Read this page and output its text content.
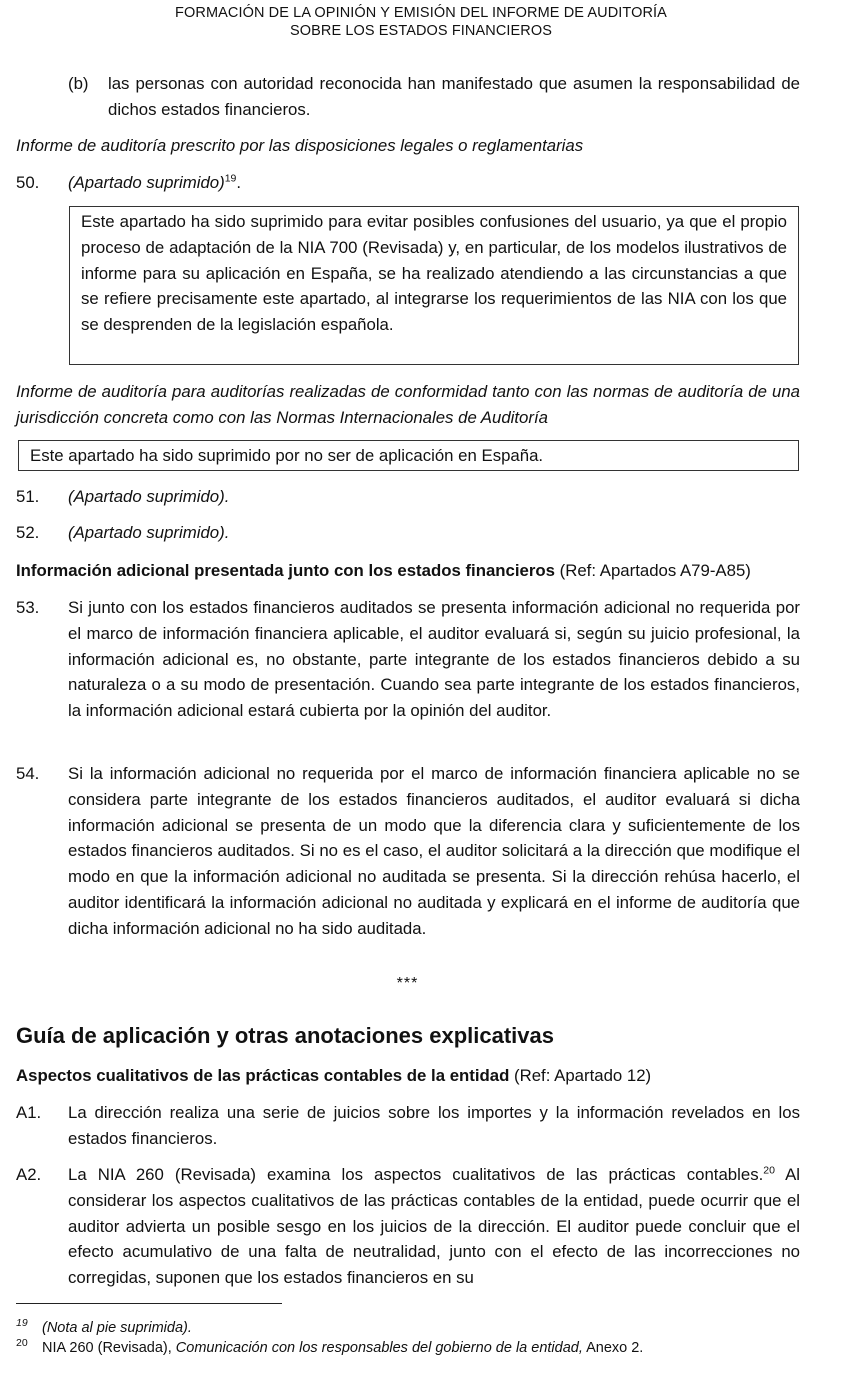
FORMACIÓN DE LA OPINIÓN Y EMISIÓN DEL INFORME DE AUDITORÍA
SOBRE LOS ESTADOS FINANCIEROS
(b) las personas con autoridad reconocida han manifestado que asumen la responsabilidad de dichos estados financieros.
Informe de auditoría prescrito por las disposiciones legales o reglamentarias
50. (Apartado suprimido)$^{19}$.
Este apartado ha sido suprimido para evitar posibles confusiones del usuario, ya que el propio proceso de adaptación de la NIA 700 (Revisada) y, en particular, de los modelos ilustrativos de informe para su aplicación en España, se ha realizado atendiendo a las circunstancias a que se refiere precisamente este apartado, al integrarse los requerimientos de las NIA con los que se desprenden de la legislación española.
Informe de auditoría para auditorías realizadas de conformidad tanto con las normas de auditoría de una jurisdicción concreta como con las Normas Internacionales de Auditoría
Este apartado ha sido suprimido por no ser de aplicación en España.
51. (Apartado suprimido).
52. (Apartado suprimido).
Información adicional presentada junto con los estados financieros (Ref: Apartados A79-A85)
53. Si junto con los estados financieros auditados se presenta información adicional no requerida por el marco de información financiera aplicable, el auditor evaluará si, según su juicio profesional, la información adicional es, no obstante, parte integrante de los estados financieros debido a su naturaleza o a su modo de presentación. Cuando sea parte integrante de los estados financieros, la información adicional estará cubierta por la opinión del auditor.
54. Si la información adicional no requerida por el marco de información financiera aplicable no se considera parte integrante de los estados financieros auditados, el auditor evaluará si dicha información adicional se presenta de un modo que la diferencia clara y suficientemente de los estados financieros auditados. Si no es el caso, el auditor solicitará a la dirección que modifique el modo en que la información adicional no auditada se presenta. Si la dirección rehúsa hacerlo, el auditor identificará la información adicional no auditada y explicará en el informe de auditoría que dicha información adicional no ha sido auditada.
***
Guía de aplicación y otras anotaciones explicativas
Aspectos cualitativos de las prácticas contables de la entidad (Ref: Apartado 12)
A1. La dirección realiza una serie de juicios sobre los importes y la información revelados en los estados financieros.
A2. La NIA 260 (Revisada) examina los aspectos cualitativos de las prácticas contables.$^{20}$ Al considerar los aspectos cualitativos de las prácticas contables de la entidad, puede ocurrir que el auditor advierta un posible sesgo en los juicios de la dirección. El auditor puede concluir que el efecto acumulativo de una falta de neutralidad, junto con el efecto de las incorrecciones no corregidas, suponen que los estados financieros en su
19 (Nota al pie suprimida).
20 NIA 260 (Revisada), Comunicación con los responsables del gobierno de la entidad, Anexo 2.
